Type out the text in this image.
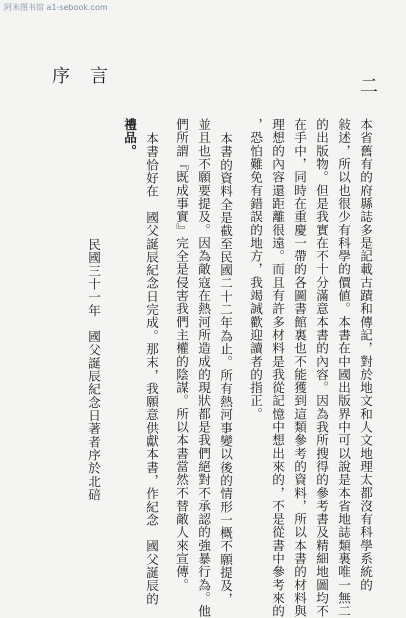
阿米图书馆 a1-sebook.com
序言	二
本省舊有的府縣誌多是記載古蹟和傳記，對於地文和人文地理太都沒有科學系統的
敍述，所以也很少有科學的價値。本書在中國出版界中可以說是本省地誌類裏唯一無二
的出版物。但是我實在不十分滿意本書的內容。因為我所搜得的參考書及精細地圖均不
在手中，同時在重慶一帶的各圖書館裏也不能獲到這類參考的資料，所以本書的材料與
理想的內容還距離很遠。而且有許多材料是我從記憶中想出來的，不是從書中參考來的
，恐怕難免有錯誤的地方，我竭誠歡迎讀者的指正。
本書的資料全是截至民國二十二年為止。所有熱河事變以後的情形一概不願提及，
並且也不願要提及。因為敵寇在熱河所造成的現狀都是我們絕對不承認的強暴行為。他
們所謂『既成事實』完全是侵害我們主權的陰謀。所以本書當然不替敵人來宣傳。
本書恰好在　國父誕辰紀念日完成。那末，我願意供獻本書，作紀念　國父誕辰的
禮品。
民國三十一年　國父誕辰紀念日著者序於北碚
